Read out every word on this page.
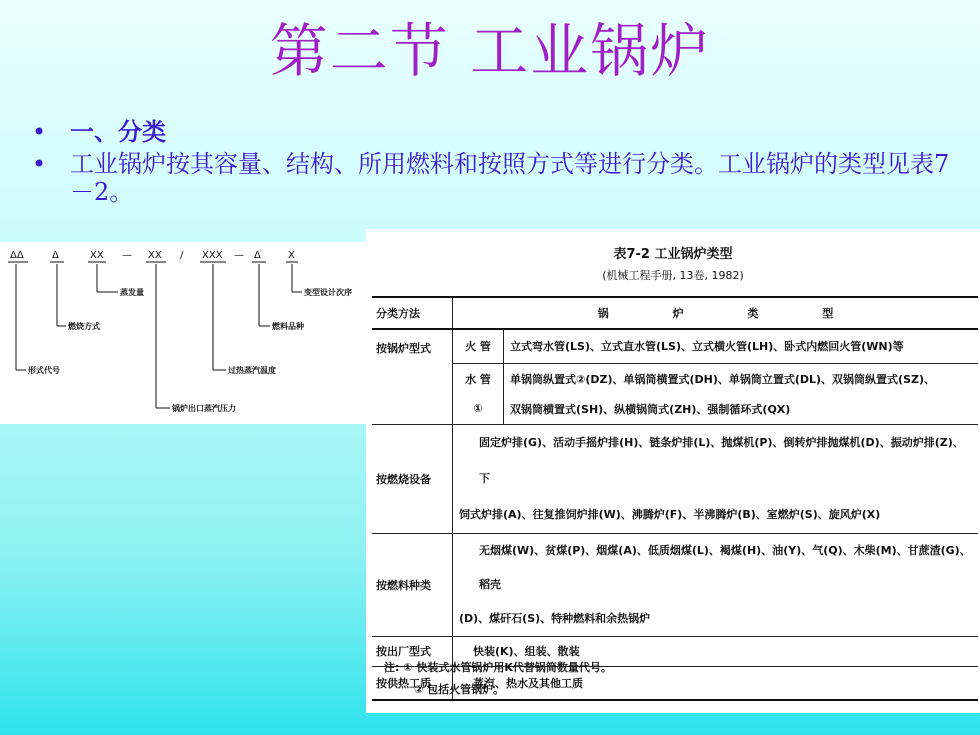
第二节 工业锅炉
• 一、分类
• 工业锅炉按其容量、结构、所用燃料和按照方式等进行分类。工业锅炉的类型见表7－2。
ΔΔ	Δ	XX — XX / XXX — Δ	X
蒸发量	变型设计次序
燃烧方式	燃料品种
形式代号	过热蒸汽温度
锅炉出口蒸汽压力
表7-2 工业锅炉类型
(机械工程手册, 13卷, 1982)
分类方法	锅 炉 类 型	
按锅炉型式	火 管	立式弯水管(LS)、立式直水管(LS)、立式横火管(LH)、卧式内燃回火管(WN)等
	水 管	单锅筒纵置式②(DZ)、单锅筒横置式(DH)、单锅筒立置式(DL)、双锅筒纵置式(SZ)、
	①	双锅筒横置式(SH)、纵横锅筒式(ZH)、强制循环式(QX)
按燃烧设备	固定炉排(G)、活动手摇炉排(H)、链条炉排(L)、抛煤机(P)、倒转炉排抛煤机(D)、振动炉排(Z)、下
饲式炉排(A)、往复推饲炉排(W)、沸腾炉(F)、半沸腾炉(B)、室燃炉(S)、旋风炉(X)	

按燃料种类	无烟煤(W)、贫煤(P)、烟煤(A)、低质烟煤(L)、褐煤(H)、油(Y)、气(Q)、木柴(M)、甘蔗渣(G)、稻壳
(D)、煤矸石(S)、特种燃料和余热锅炉	

按出厂型式	快装(K)、组装、散装	
按供热工质	蒸汽、热水及其他工质	
注: ① 快装式水管锅炉用K代替锅筒数量代号。
② 包括火管锅炉。
